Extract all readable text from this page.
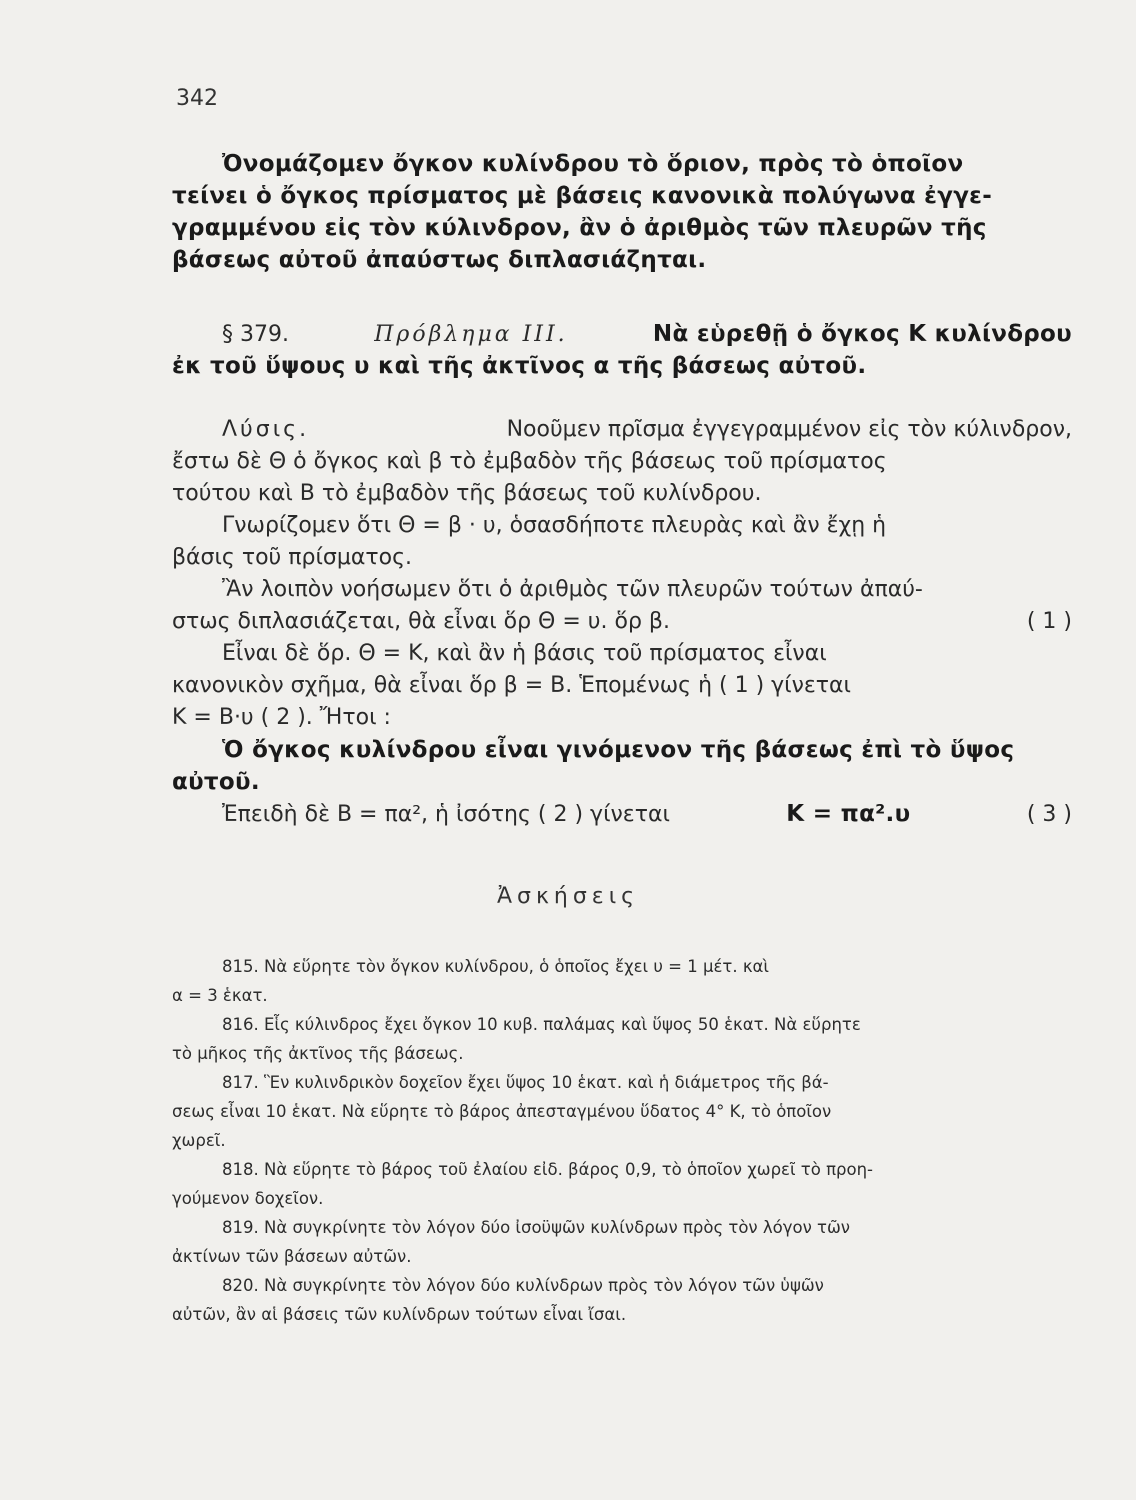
342
Ὀνομάζομεν ὄγκον κυλίνδρου τὸ ὅριον, πρὸς τὸ ὁποῖον
τείνει ὁ ὄγκος πρίσματος μὲ βάσεις κανονικὰ πολύγωνα ἐγγε-
γραμμένου εἰς τὸν κύλινδρον, ἂν ὁ ἀριθμὸς τῶν πλευρῶν τῆς
βάσεως αὐτοῦ ἀπαύστως διπλασιάζηται.
§ 379.	Πρόβλημα ΙΙΙ.	Νὰ εὑρεθῇ ὁ ὄγκος Κ κυλίνδρου
ἐκ τοῦ ὕψους υ καὶ τῆς ἀκτῖνος α τῆς βάσεως αὐτοῦ.
Λύσις.	Νοοῦμεν πρῖσμα ἐγγεγραμμένον εἰς τὸν κύλινδρον,
ἔστω δὲ Θ ὁ ὄγκος καὶ β τὸ ἐμβαδὸν τῆς βάσεως τοῦ πρίσματος
τούτου καὶ Β τὸ ἐμβαδὸν τῆς βάσεως τοῦ κυλίνδρου.
Γνωρίζομεν ὅτι Θ = β · υ, ὁσασδήποτε πλευρὰς καὶ ἂν ἔχῃ ἡ
βάσις τοῦ πρίσματος.
Ἂν λοιπὸν νοήσωμεν ὅτι ὁ ἀριθμὸς τῶν πλευρῶν τούτων ἀπαύ-
στως διπλασιάζεται, θὰ εἶναι ὅρ Θ = υ. ὅρ β.	( 1 )
Εἶναι δὲ ὅρ. Θ = Κ, καὶ ἂν ἡ βάσις τοῦ πρίσματος εἶναι
κανονικὸν σχῆμα, θὰ εἶναι ὅρ β = Β. Ἑπομένως ἡ ( 1 ) γίνεται
Κ = Β·υ ( 2 ). Ἤτοι :
Ὁ ὄγκος κυλίνδρου εἶναι γινόμενον τῆς βάσεως ἐπὶ τὸ ὕψος
αὐτοῦ.
Ἐπειδὴ δὲ Β = πα², ἡ ἰσότης ( 2 ) γίνεται	Κ = πα².υ	( 3 )
Ἀσκήσεις
815. Νὰ εὕρητε τὸν ὄγκον κυλίνδρου, ὁ ὁποῖος ἔχει υ = 1 μέτ. καὶ
α = 3 ἑκατ.
816. Εἷς κύλινδρος ἔχει ὄγκον 10 κυβ. παλάμας καὶ ὕψος 50 ἑκατ. Νὰ εὕρητε
τὸ μῆκος τῆς ἀκτῖνος τῆς βάσεως.
817. Ἓν κυλινδρικὸν δοχεῖον ἔχει ὕψος 10 ἑκατ. καὶ ἡ διάμετρος τῆς βά-
σεως εἶναι 10 ἑκατ. Νὰ εὕρητε τὸ βάρος ἀπεσταγμένου ὕδατος 4° Κ, τὸ ὁποῖον
χωρεῖ.
818. Νὰ εὕρητε τὸ βάρος τοῦ ἐλαίου εἰδ. βάρος 0,9, τὸ ὁποῖον χωρεῖ τὸ προη-
γούμενον δοχεῖον.
819. Νὰ συγκρίνητε τὸν λόγον δύο ἰσοϋψῶν κυλίνδρων πρὸς τὸν λόγον τῶν
ἀκτίνων τῶν βάσεων αὐτῶν.
820. Νὰ συγκρίνητε τὸν λόγον δύο κυλίνδρων πρὸς τὸν λόγον τῶν ὑψῶν
αὐτῶν, ἂν αἱ βάσεις τῶν κυλίνδρων τούτων εἶναι ἴσαι.
